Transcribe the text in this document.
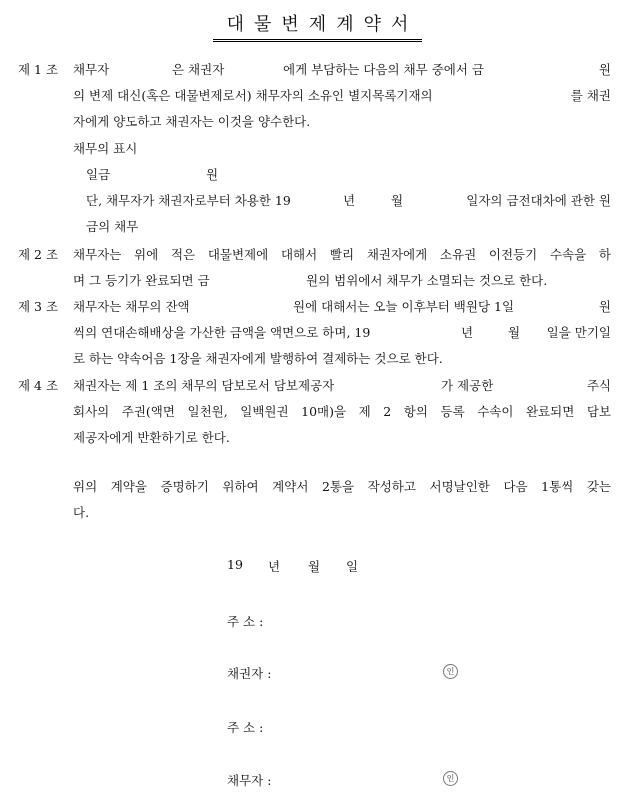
대물변제계약서
제 1 조 채무자	은 채권자	에게 부담하는 다음의 채무 중에서 금	원
의 변제 대신(혹은 대물변제로서) 채무자의 소유인 별지목록기재의	를 채권
자에게 양도하고 채권자는 이것을 양수한다.
채무의 표시
일금	원
단, 채무자가 채권자로부터 차용한 19	년	월	일자의 금전대차에 관한 원
금의 채무
제 2 조 채무자는 위에 적은 대물변제에 대해서 빨리 채권자에게 소유권 이전등기 수속을 하
며 그 등기가 완료되면 금	원의 범위에서 채무가 소멸되는 것으로 한다.
제 3 조 채무자는 채무의 잔액	원에 대해서는 오늘 이후부터 백원당 1일	원
씩의 연대손해배상을 가산한 금액을 액면으로 하며, 19	년	월 일을 만기일
로 하는 약속어음 1장을 채권자에게 발행하여 결제하는 것으로 한다.
제 4 조 채권자는 제 1 조의 채무의 담보로서 담보제공자	가 제공한	주식
회사의 주권(액면 일천원, 일백원권 10매)을 제 2 항의 등록 수속이 완료되면 담보
제공자에게 반환하기로 한다.
위의 계약을 증명하기 위하여 계약서 2통을 작성하고 서명날인한 다음 1통씩 갖는
다.
19 년 월 일
주 소 :
채권자 :	인
주 소 :
채무자 :	인
